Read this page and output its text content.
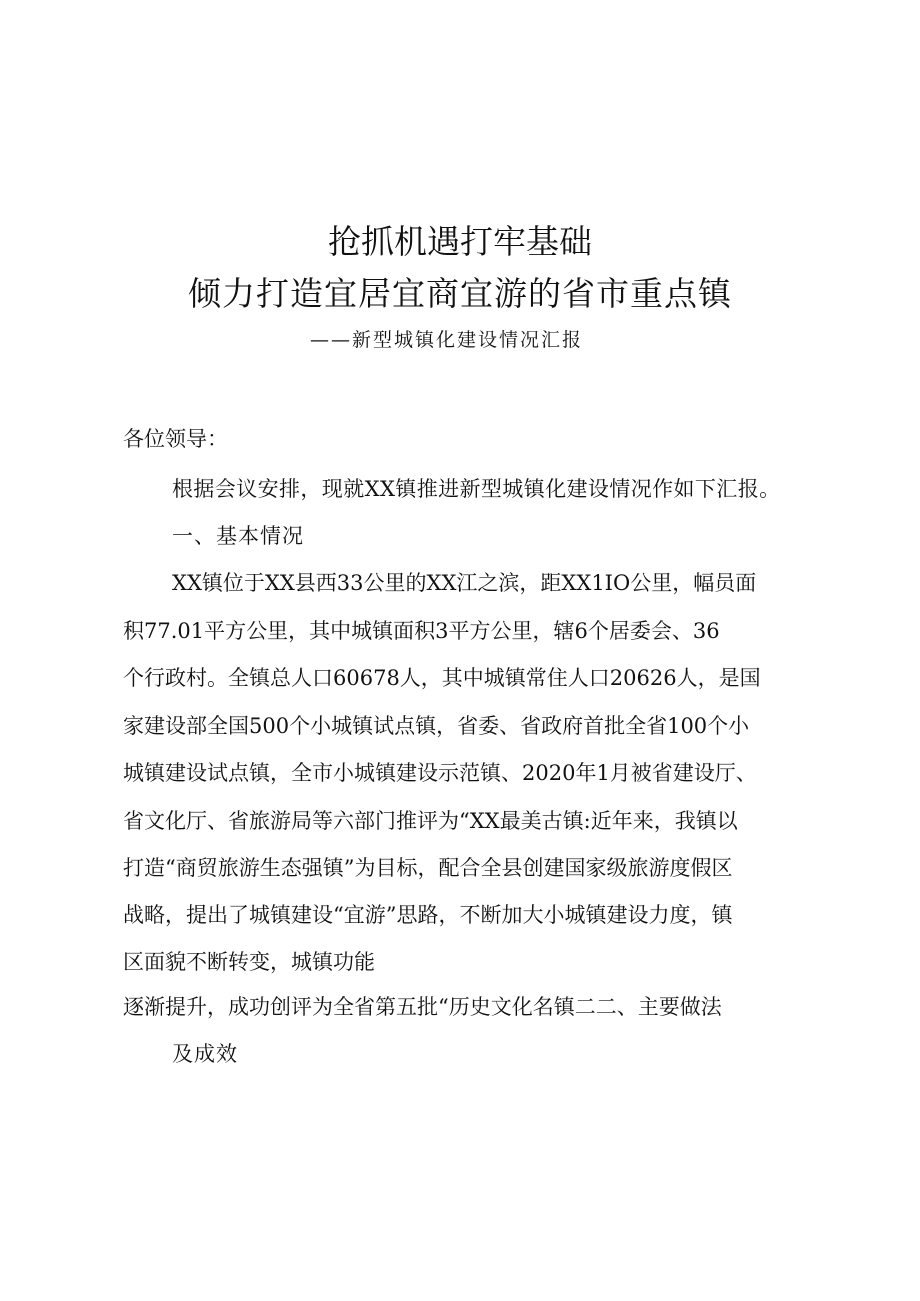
抢抓机遇打牢基础
倾力打造宜居宜商宜游的省市重点镇
——新型城镇化建设情况汇报
各位领导：
根据会议安排，现就XX镇推进新型城镇化建设情况作如下汇报。
一、基本情况
XX镇位于XX县西33公里的XX江之滨，距XX1IO公里，幅员面
积77.01平方公里，其中城镇面积3平方公里，辖6个居委会、36
个行政村。全镇总人口60678人，其中城镇常住人口20626人，是国
家建设部全国500个小城镇试点镇，省委、省政府首批全省100个小
城镇建设试点镇，全市小城镇建设示范镇、2020年1月被省建设厅、
省文化厅、省旅游局等六部门推评为“XX最美古镇:近年来，我镇以
打造“商贸旅游生态强镇”为目标，配合全县创建国家级旅游度假区
战略，提出了城镇建设“宜游”思路，不断加大小城镇建设力度，镇
区面貌不断转变，城镇功能
逐渐提升，成功创评为全省第五批“历史文化名镇二二、主要做法
及成效
